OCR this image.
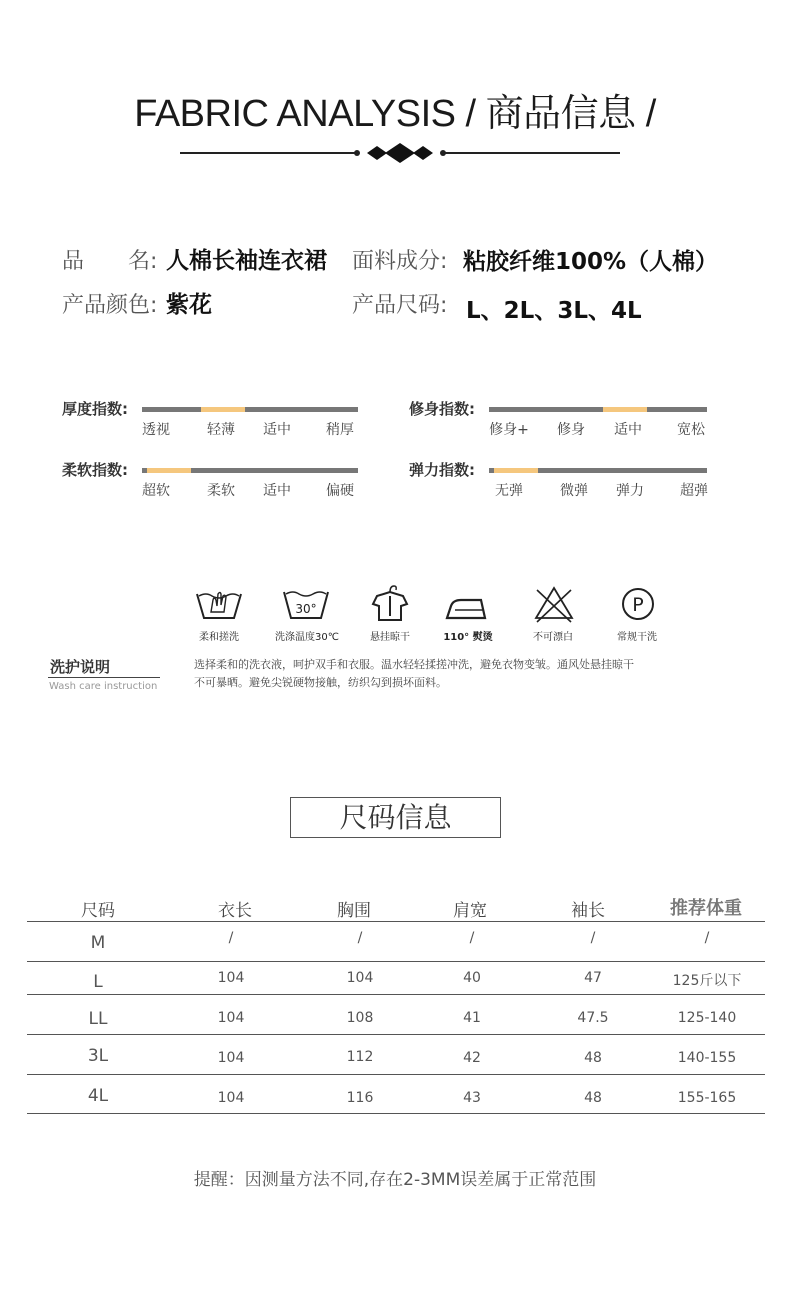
FABRIC ANALYSIS / 商品信息 /
品　　名: 人棉长袖连衣裙 面料成分: 粘胶纤维100%（人棉）
产品颜色: 紫花	产品尺码: L、2L、3L、4L
厚度指数:
透视	轻薄	适中	稍厚
修身指数:
修身+	修身	适中	宽松
柔软指数:
超软	柔软	适中	偏硬
弹力指数:
无弹	微弹	弹力	超弹
柔和搓洗
30°
洗涤温度30℃	悬挂晾干	110° 熨烫	不可漂白
P
常规干洗
洗护说明
Wash care instruction
选择柔和的洗衣液，呵护双手和衣服。温水轻轻揉搓冲洗，避免衣物变皱。通风处悬挂晾干
不可暴晒。避免尖锐硬物接触，纺织勾到损坏面料。
尺码信息
尺码	衣长	胸围	肩宽	袖长	推荐体重
M	/	/	/	/	/
L	104	104	40	47	125斤以下
LL	104	108	41	47.5	125-140
3L	104	112	42	48	140-155
4L	104	116	43	48	155-165
提醒：因测量方法不同,存在2-3MM误差属于正常范围
